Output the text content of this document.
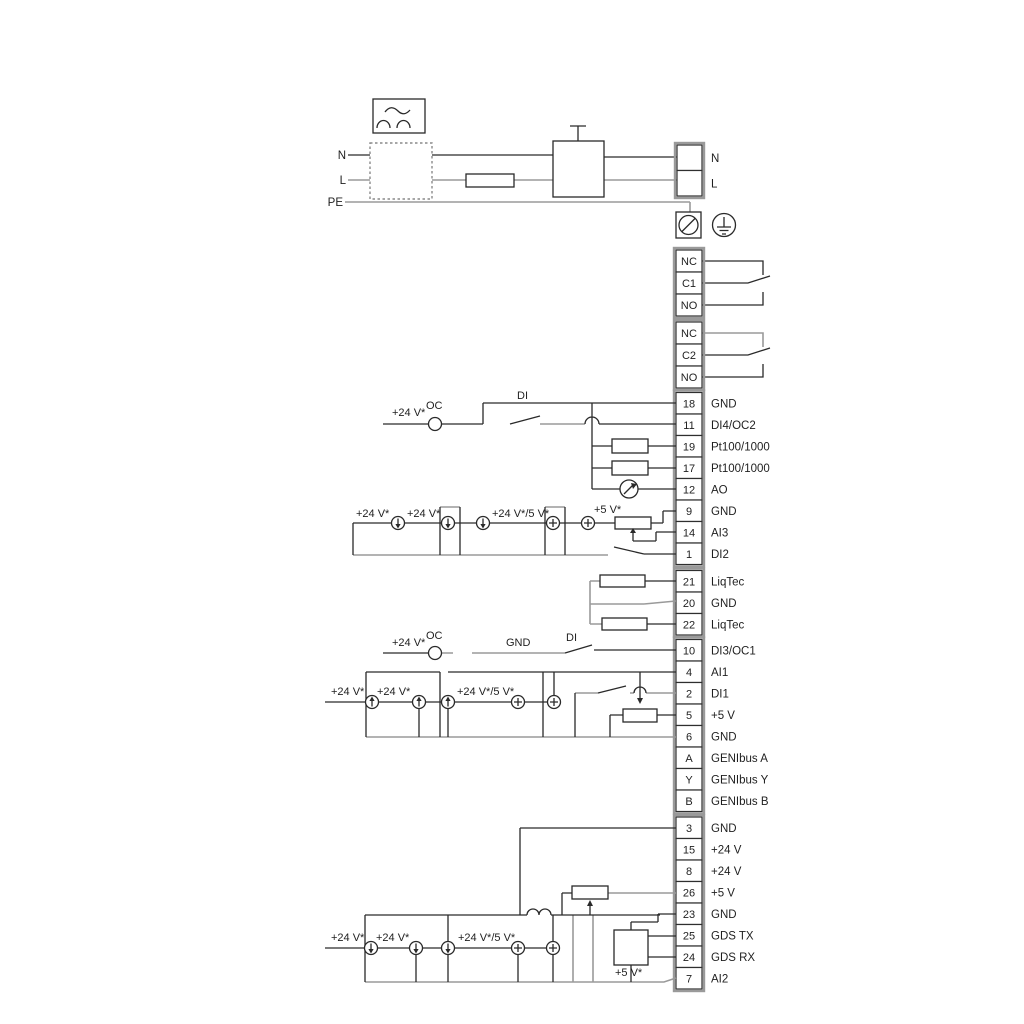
N
L
PE
N
L
NC
C1
NO
NC
C2
NO
18 GND
11 DI4/OC2
19 Pt100/1000
17 Pt100/1000
12 AO
9 GND
14 AI3
1 DI2
21 LiqTec
20 GND
22 LiqTec
10 DI3/OC1
4 AI1
2 DI1
5 +5 V
6 GND
A GENIbus A
Y GENIbus Y
B GENIbus B
3 GND
15 +24 V
8 +24 V
26 +5 V
23 GND
25 GDS TX
24 GDS RX
7 AI2
+24 V*
OC
DI
+24 V* +24 V*	+24 V*/5 V*	+5 V*
+24 V*
OC
GND	DI
+24 V* +24 V*	+24 V*/5 V*
+24 V* +24 V*	+24 V*/5 V*
+5 V*
